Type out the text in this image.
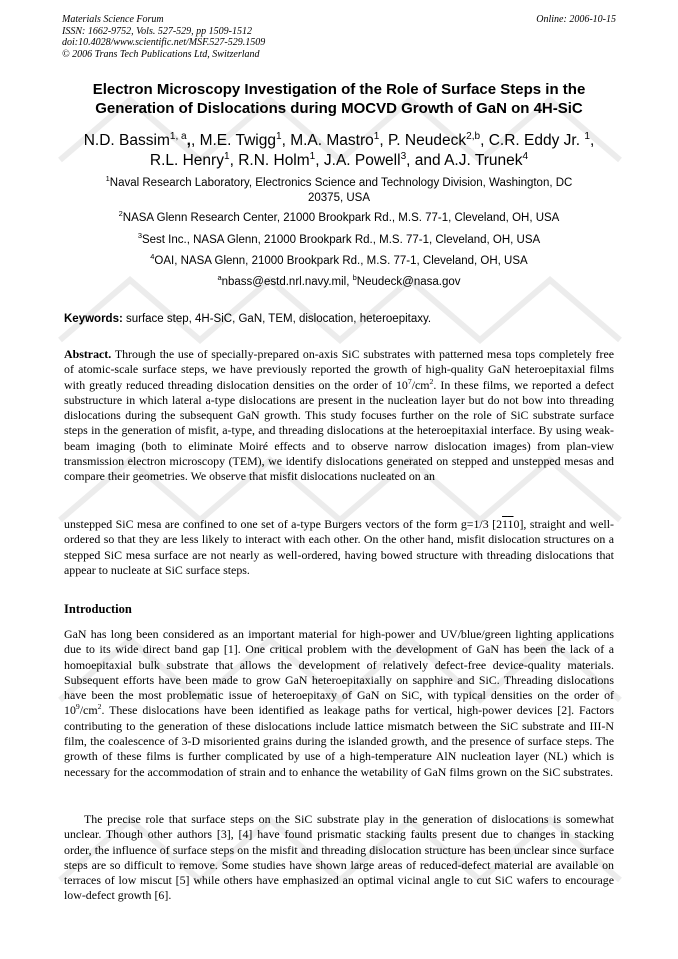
Materials Science Forum
ISSN: 1662-9752, Vols. 527-529, pp 1509-1512
doi:10.4028/www.scientific.net/MSF.527-529.1509
© 2006 Trans Tech Publications Ltd, Switzerland
Online: 2006-10-15
Electron Microscopy Investigation of the Role of Surface Steps in the
Generation of Dislocations during MOCVD Growth of GaN on 4H-SiC
N.D. Bassim$^{1, a}$,, M.E. Twigg$^1$, M.A. Mastro$^1$, P. Neudeck$^{2,b}$, C.R. Eddy Jr. $^1$,
R.L. Henry$^1$, R.N. Holm$^1$, J.A. Powell$^3$, and A.J. Trunek$^4$
$^1$Naval Research Laboratory, Electronics Science and Technology Division, Washington, DC
20375, USA
$^2$NASA Glenn Research Center, 21000 Brookpark Rd., M.S. 77-1, Cleveland, OH, USA
$^3$Sest Inc., NASA Glenn, 21000 Brookpark Rd., M.S. 77-1, Cleveland, OH, USA
$^4$OAI, NASA Glenn, 21000 Brookpark Rd., M.S. 77-1, Cleveland, OH, USA
$^a$nbass@estd.nrl.navy.mil, $^b$Neudeck@nasa.gov
Keywords: surface step, 4H-SiC, GaN, TEM, dislocation, heteroepitaxy.
Abstract. Through the use of specially-prepared on-axis SiC substrates with patterned mesa tops completely free of atomic-scale surface steps, we have previously reported the growth of high-quality GaN heteroepitaxial films with greatly reduced threading dislocation densities on the order of $10^7/cm^2$. In these films, we reported a defect substructure in which lateral a-type dislocations are present in the nucleation layer but do not bow into threading dislocations during the subsequent GaN growth. This study focuses further on the role of SiC substrate surface steps in the generation of misfit, a-type, and threading dislocations at the heteroepitaxial interface. By using weak-beam imaging (both to eliminate Moiré effects and to observe narrow dislocation images) from plan-view transmission electron microscopy (TEM), we identify dislocations generated on stepped and unstepped mesas and compare their geometries. We observe that misfit dislocations nucleated on an
unstepped SiC mesa are confined to one set of a-type Burgers vectors of the form g=1/3 [2110], straight and well-ordered so that they are less likely to interact with each other. On the other hand, misfit dislocation structures on a stepped SiC mesa surface are not nearly as well-ordered, having bowed structure with threading dislocations that appear to nucleate at SiC surface steps.
Introduction
GaN has long been considered as an important material for high-power and UV/blue/green lighting applications due to its wide direct band gap [1]. One critical problem with the development of GaN has been the lack of a homoepitaxial bulk substrate that allows the development of relatively defect-free device-quality materials. Subsequent efforts have been made to grow GaN heteroepitaxially on sapphire and SiC. Threading dislocations have been the most problematic issue of heteroepitaxy of GaN on SiC, with typical densities on the order of $10^9/cm^2$. These dislocations have been identified as leakage paths for vertical, high-power devices [2]. Factors contributing to the generation of these dislocations include lattice mismatch between the SiC substrate and III-N film, the coalescence of 3-D misoriented grains during the islanded growth, and the presence of surface steps. The growth of these films is further complicated by use of a high-temperature AlN nucleation layer (NL) which is necessary for the accommodation of strain and to enhance the wetability of GaN films grown on the SiC substrates.
The precise role that surface steps on the SiC substrate play in the generation of dislocations is somewhat unclear. Though other authors [3], [4] have found prismatic stacking faults present due to changes in stacking order, the influence of surface steps on the misfit and threading dislocation structure has been unclear since surface steps are so difficult to remove. Some studies have shown large areas of reduced-defect material are available on terraces of low miscut [5] while others have emphasized an optimal vicinal angle to cut SiC wafers to encourage low-defect growth [6].
